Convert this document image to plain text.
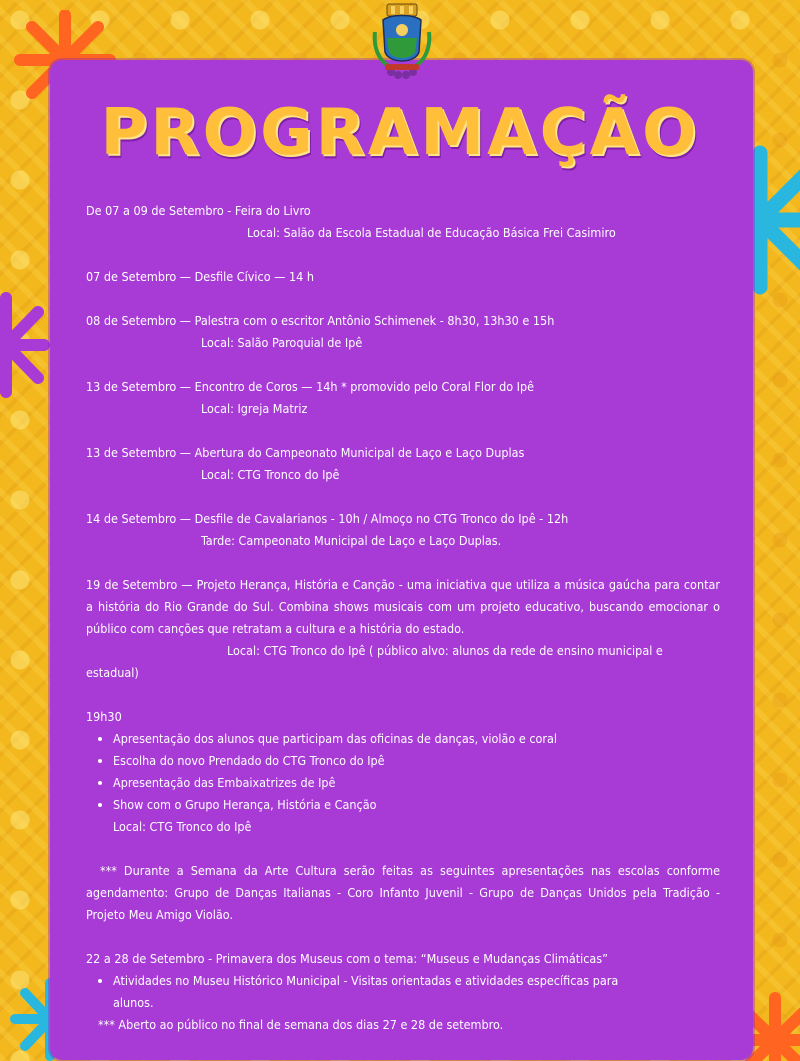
PROGRAMAÇÃO

De 07 a 09 de Setembro - Feira do Livro

Local: Salão da Escola Estadual de Educação Básica Frei Casimiro

07 de Setembro — Desfile Cívico — 14 h

08 de Setembro — Palestra com o escritor Antônio Schimenek - 8h30, 13h30 e 15h

Local: Salão Paroquial de Ipê

13 de Setembro — Encontro de Coros — 14h * promovido pelo Coral Flor do Ipê

Local: Igreja Matriz

13 de Setembro — Abertura do Campeonato Municipal de Laço e Laço Duplas

Local: CTG Tronco do Ipê

14 de Setembro — Desfile de Cavalarianos - 10h / Almoço no CTG Tronco do Ipê - 12h

Tarde: Campeonato Municipal de Laço e Laço Duplas.

19 de Setembro — Projeto Herança, História e Canção - uma iniciativa que utiliza a música gaúcha para contar a história do Rio Grande do Sul. Combina shows musicais com um projeto educativo, buscando emocionar o público com canções que retratam a cultura e a história do estado.

Local: CTG Tronco do Ipê ( público alvo: alunos da rede de ensino municipal e

estadual)

19h30

• Apresentação dos alunos que participam das oficinas de danças, violão e coral
• Escolha do novo Prendado do CTG Tronco do Ipê
• Apresentação das Embaixatrizes de Ipê
• Show com o Grupo Herança, História e Canção

Local: CTG Tronco do Ipê

*** Durante a Semana da Arte Cultura serão feitas as seguintes apresentações nas escolas conforme agendamento: Grupo de Danças Italianas - Coro Infanto Juvenil - Grupo de Danças Unidos pela Tradição - Projeto Meu Amigo Violão.

22 a 28 de Setembro - Primavera dos Museus com o tema: “Museus e Mudanças Climáticas”

• Atividades no Museu Histórico Municipal - Visitas orientadas e atividades específicas para

alunos.

*** Aberto ao público no final de semana dos dias 27 e 28 de setembro.
